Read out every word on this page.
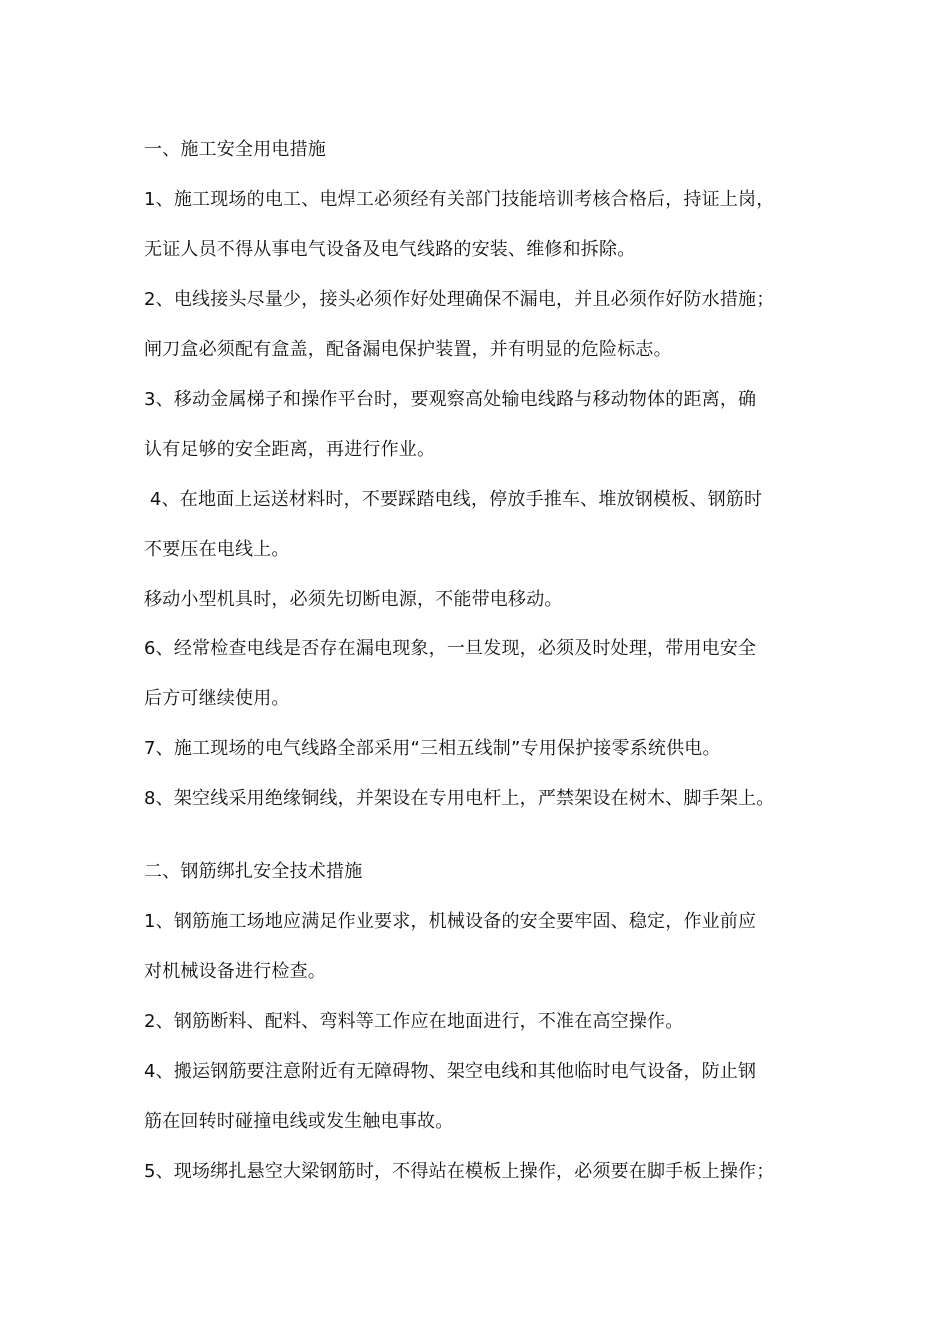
一、施工安全用电措施
1、施工现场的电工、电焊工必须经有关部门技能培训考核合格后，持证上岗，
无证人员不得从事电气设备及电气线路的安装、维修和拆除。
2、电线接头尽量少，接头必须作好处理确保不漏电，并且必须作好防水措施；
闸刀盒必须配有盒盖，配备漏电保护装置，并有明显的危险标志。
3、移动金属梯子和操作平台时，要观察高处输电线路与移动物体的距离，确
认有足够的安全距离，再进行作业。
4、在地面上运送材料时，不要踩踏电线，停放手推车、堆放钢模板、钢筋时
不要压在电线上。
移动小型机具时，必须先切断电源，不能带电移动。
6、经常检查电线是否存在漏电现象，一旦发现，必须及时处理，带用电安全
后方可继续使用。
7、施工现场的电气线路全部采用“三相五线制”专用保护接零系统供电。
8、架空线采用绝缘铜线，并架设在专用电杆上，严禁架设在树木、脚手架上。
二、钢筋绑扎安全技术措施
1、钢筋施工场地应满足作业要求，机械设备的安全要牢固、稳定，作业前应
对机械设备进行检查。
2、钢筋断料、配料、弯料等工作应在地面进行，不准在高空操作。
4、搬运钢筋要注意附近有无障碍物、架空电线和其他临时电气设备，防止钢
筋在回转时碰撞电线或发生触电事故。
5、现场绑扎悬空大梁钢筋时，不得站在模板上操作，必须要在脚手板上操作；
